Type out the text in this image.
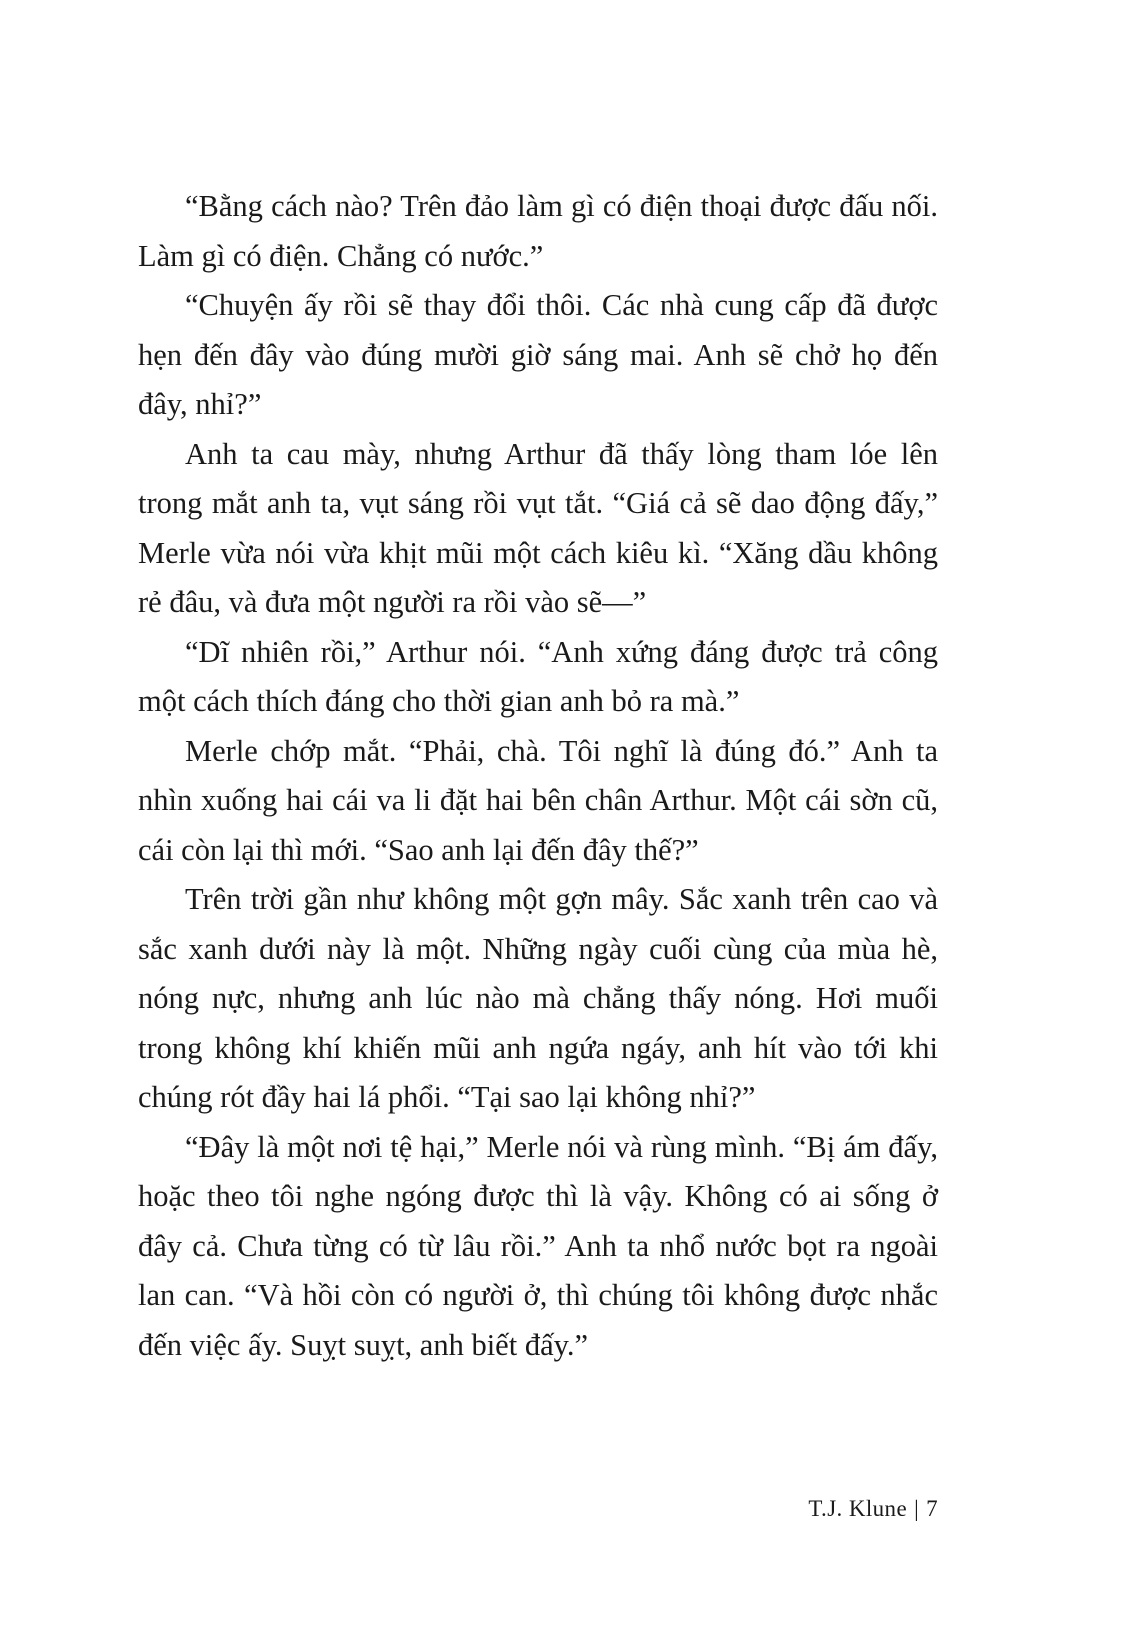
“Bằng cách nào? Trên đảo làm gì có điện thoại được đấu nối. Làm gì có điện. Chẳng có nước.”

“Chuyện ấy rồi sẽ thay đổi thôi. Các nhà cung cấp đã được hẹn đến đây vào đúng mười giờ sáng mai. Anh sẽ chở họ đến đây, nhỉ?”

Anh ta cau mày, nhưng Arthur đã thấy lòng tham lóe lên trong mắt anh ta, vụt sáng rồi vụt tắt. “Giá cả sẽ dao động đấy,” Merle vừa nói vừa khịt mũi một cách kiêu kì. “Xăng dầu không rẻ đâu, và đưa một người ra rồi vào sẽ—”

“Dĩ nhiên rồi,” Arthur nói. “Anh xứng đáng được trả công một cách thích đáng cho thời gian anh bỏ ra mà.”

Merle chớp mắt. “Phải, chà. Tôi nghĩ là đúng đó.” Anh ta nhìn xuống hai cái va li đặt hai bên chân Arthur. Một cái sờn cũ, cái còn lại thì mới. “Sao anh lại đến đây thế?”

Trên trời gần như không một gợn mây. Sắc xanh trên cao và sắc xanh dưới này là một. Những ngày cuối cùng của mùa hè, nóng nực, nhưng anh lúc nào mà chẳng thấy nóng. Hơi muối trong không khí khiến mũi anh ngứa ngáy, anh hít vào tới khi chúng rót đầy hai lá phổi. “Tại sao lại không nhỉ?”

“Đây là một nơi tệ hại,” Merle nói và rùng mình. “Bị ám đấy, hoặc theo tôi nghe ngóng được thì là vậy. Không có ai sống ở đây cả. Chưa từng có từ lâu rồi.” Anh ta nhổ nước bọt ra ngoài lan can. “Và hồi còn có người ở, thì chúng tôi không được nhắc đến việc ấy. Suỵt suỵt, anh biết đấy.”

T.J. Klune | 7
